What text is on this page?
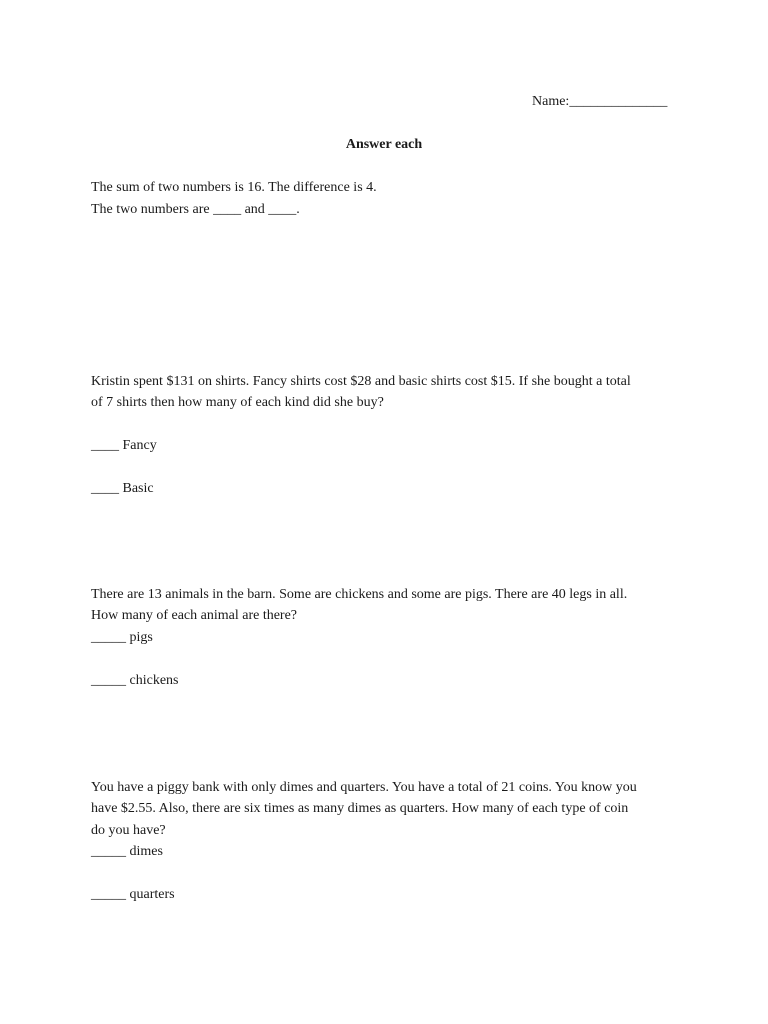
Name:______________
Answer each
The sum of two numbers is 16. The difference is 4.
The two numbers are ____ and ____.
Kristin spent $131 on shirts. Fancy shirts cost $28 and basic shirts cost $15. If she bought a total
of 7 shirts then how many of each kind did she buy?
____ Fancy
____ Basic
There are 13 animals in the barn. Some are chickens and some are pigs. There are 40 legs in all.
How many of each animal are there?
_____ pigs
_____ chickens
You have a piggy bank with only dimes and quarters. You have a total of 21 coins. You know you
have $2.55. Also, there are six times as many dimes as quarters. How many of each type of coin
do you have?
_____ dimes
_____ quarters
